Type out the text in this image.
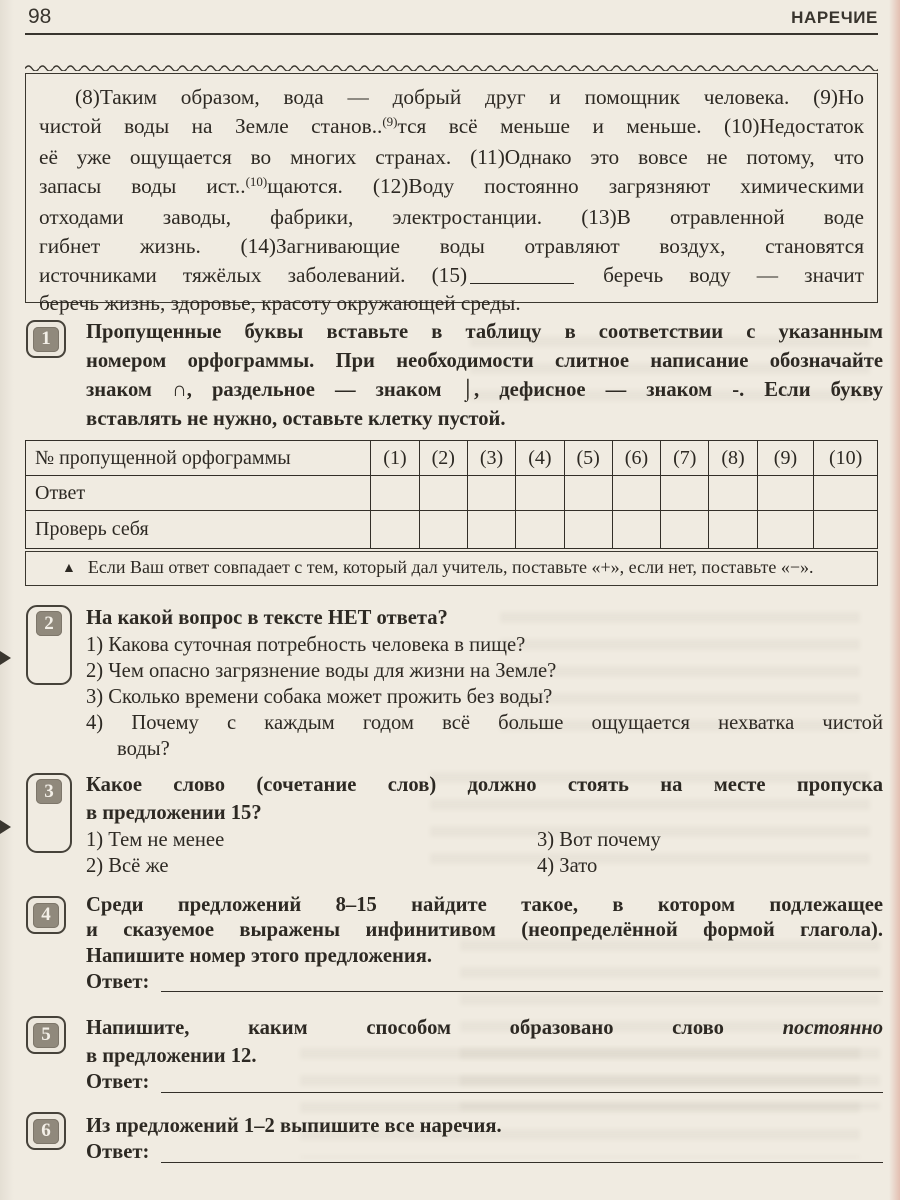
98	НАРЕЧИЕ
(8)Таким образом, вода — добрый друг и помощник человека. (9)Но
чистой воды на Земле станов..$^{(9)}$тся всё меньше и меньше. (10)Недостаток
её уже ощущается во многих странах. (11)Однако это вовсе не потому, что
запасы воды ист..$^{(10)}$щаются. (12)Воду постоянно загрязняют химическими
отходами заводы, фабрики, электростанции. (13)В отравленной воде
гибнет жизнь. (14)Загнивающие воды отравляют воздух, становятся
источниками тяжёлых заболеваний. (15)	беречь воду — значит
беречь жизнь, здоровье, красоту окружающей среды.
1	Пропущенные буквы вставьте в таблицу в соответствии с указанным
номером орфограммы. При необходимости слитное написание обозначайте
знаком ∩, раздельное — знаком ⌡, дефисное — знаком -. Если букву
вставлять не нужно, оставьте клетку пустой.
№ пропущенной орфограммы	(1)	(2)	(3)	(4)	(5)	(6)	(7)	(8)	(9)	(10)
Ответ										
Проверь себя										
▲ Если Ваш ответ совпадает с тем, который дал учитель, поставьте «+», если нет, поставьте «−».
2	На какой вопрос в тексте НЕТ ответа?
1) Какова суточная потребность человека в пище?
2) Чем опасно загрязнение воды для жизни на Земле?
3) Сколько времени собака может прожить без воды?
4) Почему с каждым годом всё больше ощущается нехватка чистой
воды?
3	Какое слово (сочетание слов) должно стоять на месте пропуска
в предложении 15?
1) Тем не менее	3) Вот почему
2) Всё же	4) Зато
4	Среди предложений 8–15 найдите такое, в котором подлежащее
и сказуемое выражены инфинитивом (неопределённой формой глагола).
Напишите номер этого предложения.
Ответ:
5	Напишите, каким способом образовано слово	постоянно
в предложении 12.
Ответ:
6	Из предложений 1–2 выпишите все наречия.
Ответ:
